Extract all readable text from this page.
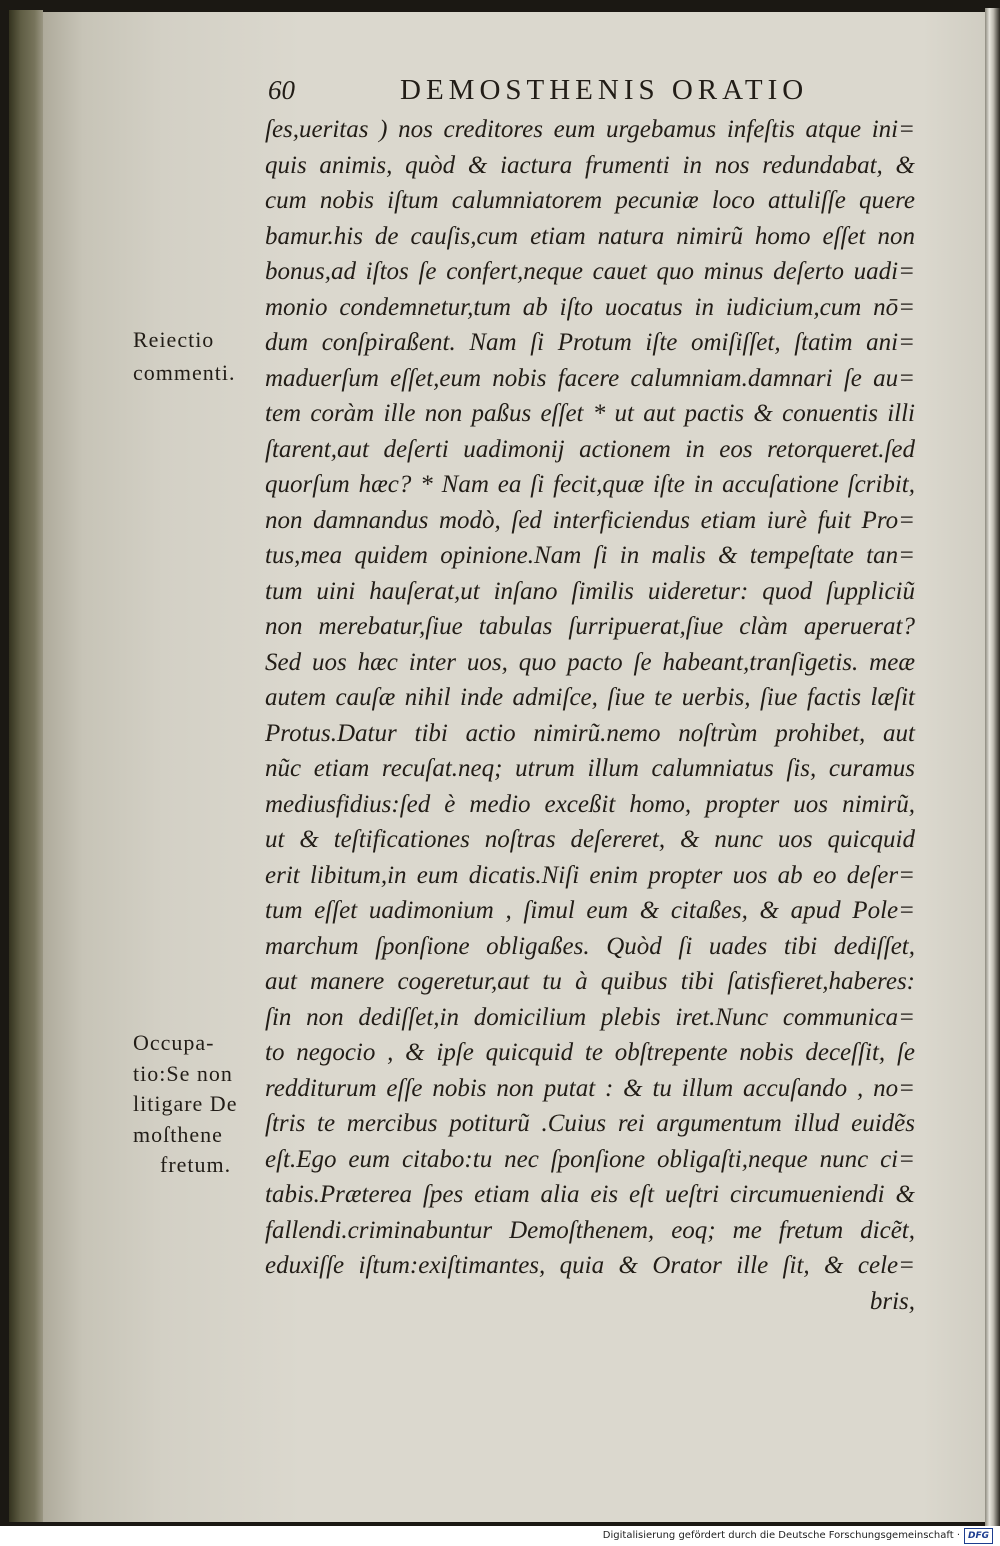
60	DEMOSTHENIS ORATIO
Reiectio
commenti.
Occupa-
tio:Se non
litigare De
moſthene
fretum.
ſes,ueritas ) nos creditores eum urgebamus infeſtis atque ini=
quis animis, quòd & iactura frumenti in nos redundabat, &
cum nobis iſtum calumniatorem pecuniæ loco attuliſſe quere
bamur.his de cauſis,cum etiam natura nimirũ homo eſſet non
bonus,ad iſtos ſe confert,neque cauet quo minus deſerto uadi=
monio condemnetur,tum ab iſto uocatus in iudicium,cum nō=
dum conſpiraßent. Nam ſi Protum iſte omiſiſſet, ſtatim ani=
maduerſum eſſet,eum nobis facere calumniam.damnari ſe au=
tem coràm ille non paßus eſſet * ut aut pactis & conuentis illi
ſtarent,aut deſerti uadimonij actionem in eos retorqueret.ſed
quorſum hæc? * Nam ea ſi fecit,quæ iſte in accuſatione ſcribit,
non damnandus modò, ſed interficiendus etiam iurè fuit Pro=
tus,mea quidem opinione.Nam ſi in malis & tempeſtate tan=
tum uini hauſerat,ut inſano ſimilis uideretur: quod ſuppliciũ
non merebatur,ſiue tabulas ſurripuerat,ſiue clàm aperuerat?
Sed uos hæc inter uos, quo pacto ſe habeant,tranſigetis. meæ
autem cauſæ nihil inde admiſce, ſiue te uerbis, ſiue factis læſit
Protus.Datur tibi actio nimirũ.nemo noſtrùm prohibet, aut
nũc etiam recuſat.neq; utrum illum calumniatus ſis, curamus
mediusfidius:ſed è medio exceßit homo, propter uos nimirũ,
ut & teſtificationes noſtras deſereret, & nunc uos quicquid
erit libitum,in eum dicatis.Niſi enim propter uos ab eo deſer=
tum eſſet uadimonium , ſimul eum & citaßes, & apud Pole=
marchum ſponſione obligaßes. Quòd ſi uades tibi dediſſet,
aut manere cogeretur,aut tu à quibus tibi ſatisfieret,haberes:
ſin non dediſſet,in domicilium plebis iret.Nunc communica=
to negocio , & ipſe quicquid te obſtrepente nobis deceſſit, ſe
redditurum eſſe nobis non putat : & tu illum accuſando , no=
ſtris te mercibus potiturũ .Cuius rei argumentum illud euidẽs
eſt.Ego eum citabo:tu nec ſponſione obligaſti,neque nunc ci=
tabis.Præterea ſpes etiam alia eis eſt ueſtri circumueniendi &
fallendi.criminabuntur Demoſthenem, eoq; me fretum dicẽt,
eduxiſſe iſtum:exiſtimantes, quia & Orator ille ſit, & cele=
bris,
Digitalisierung gefördert durch die Deutsche Forschungsgemeinschaft · DFG
